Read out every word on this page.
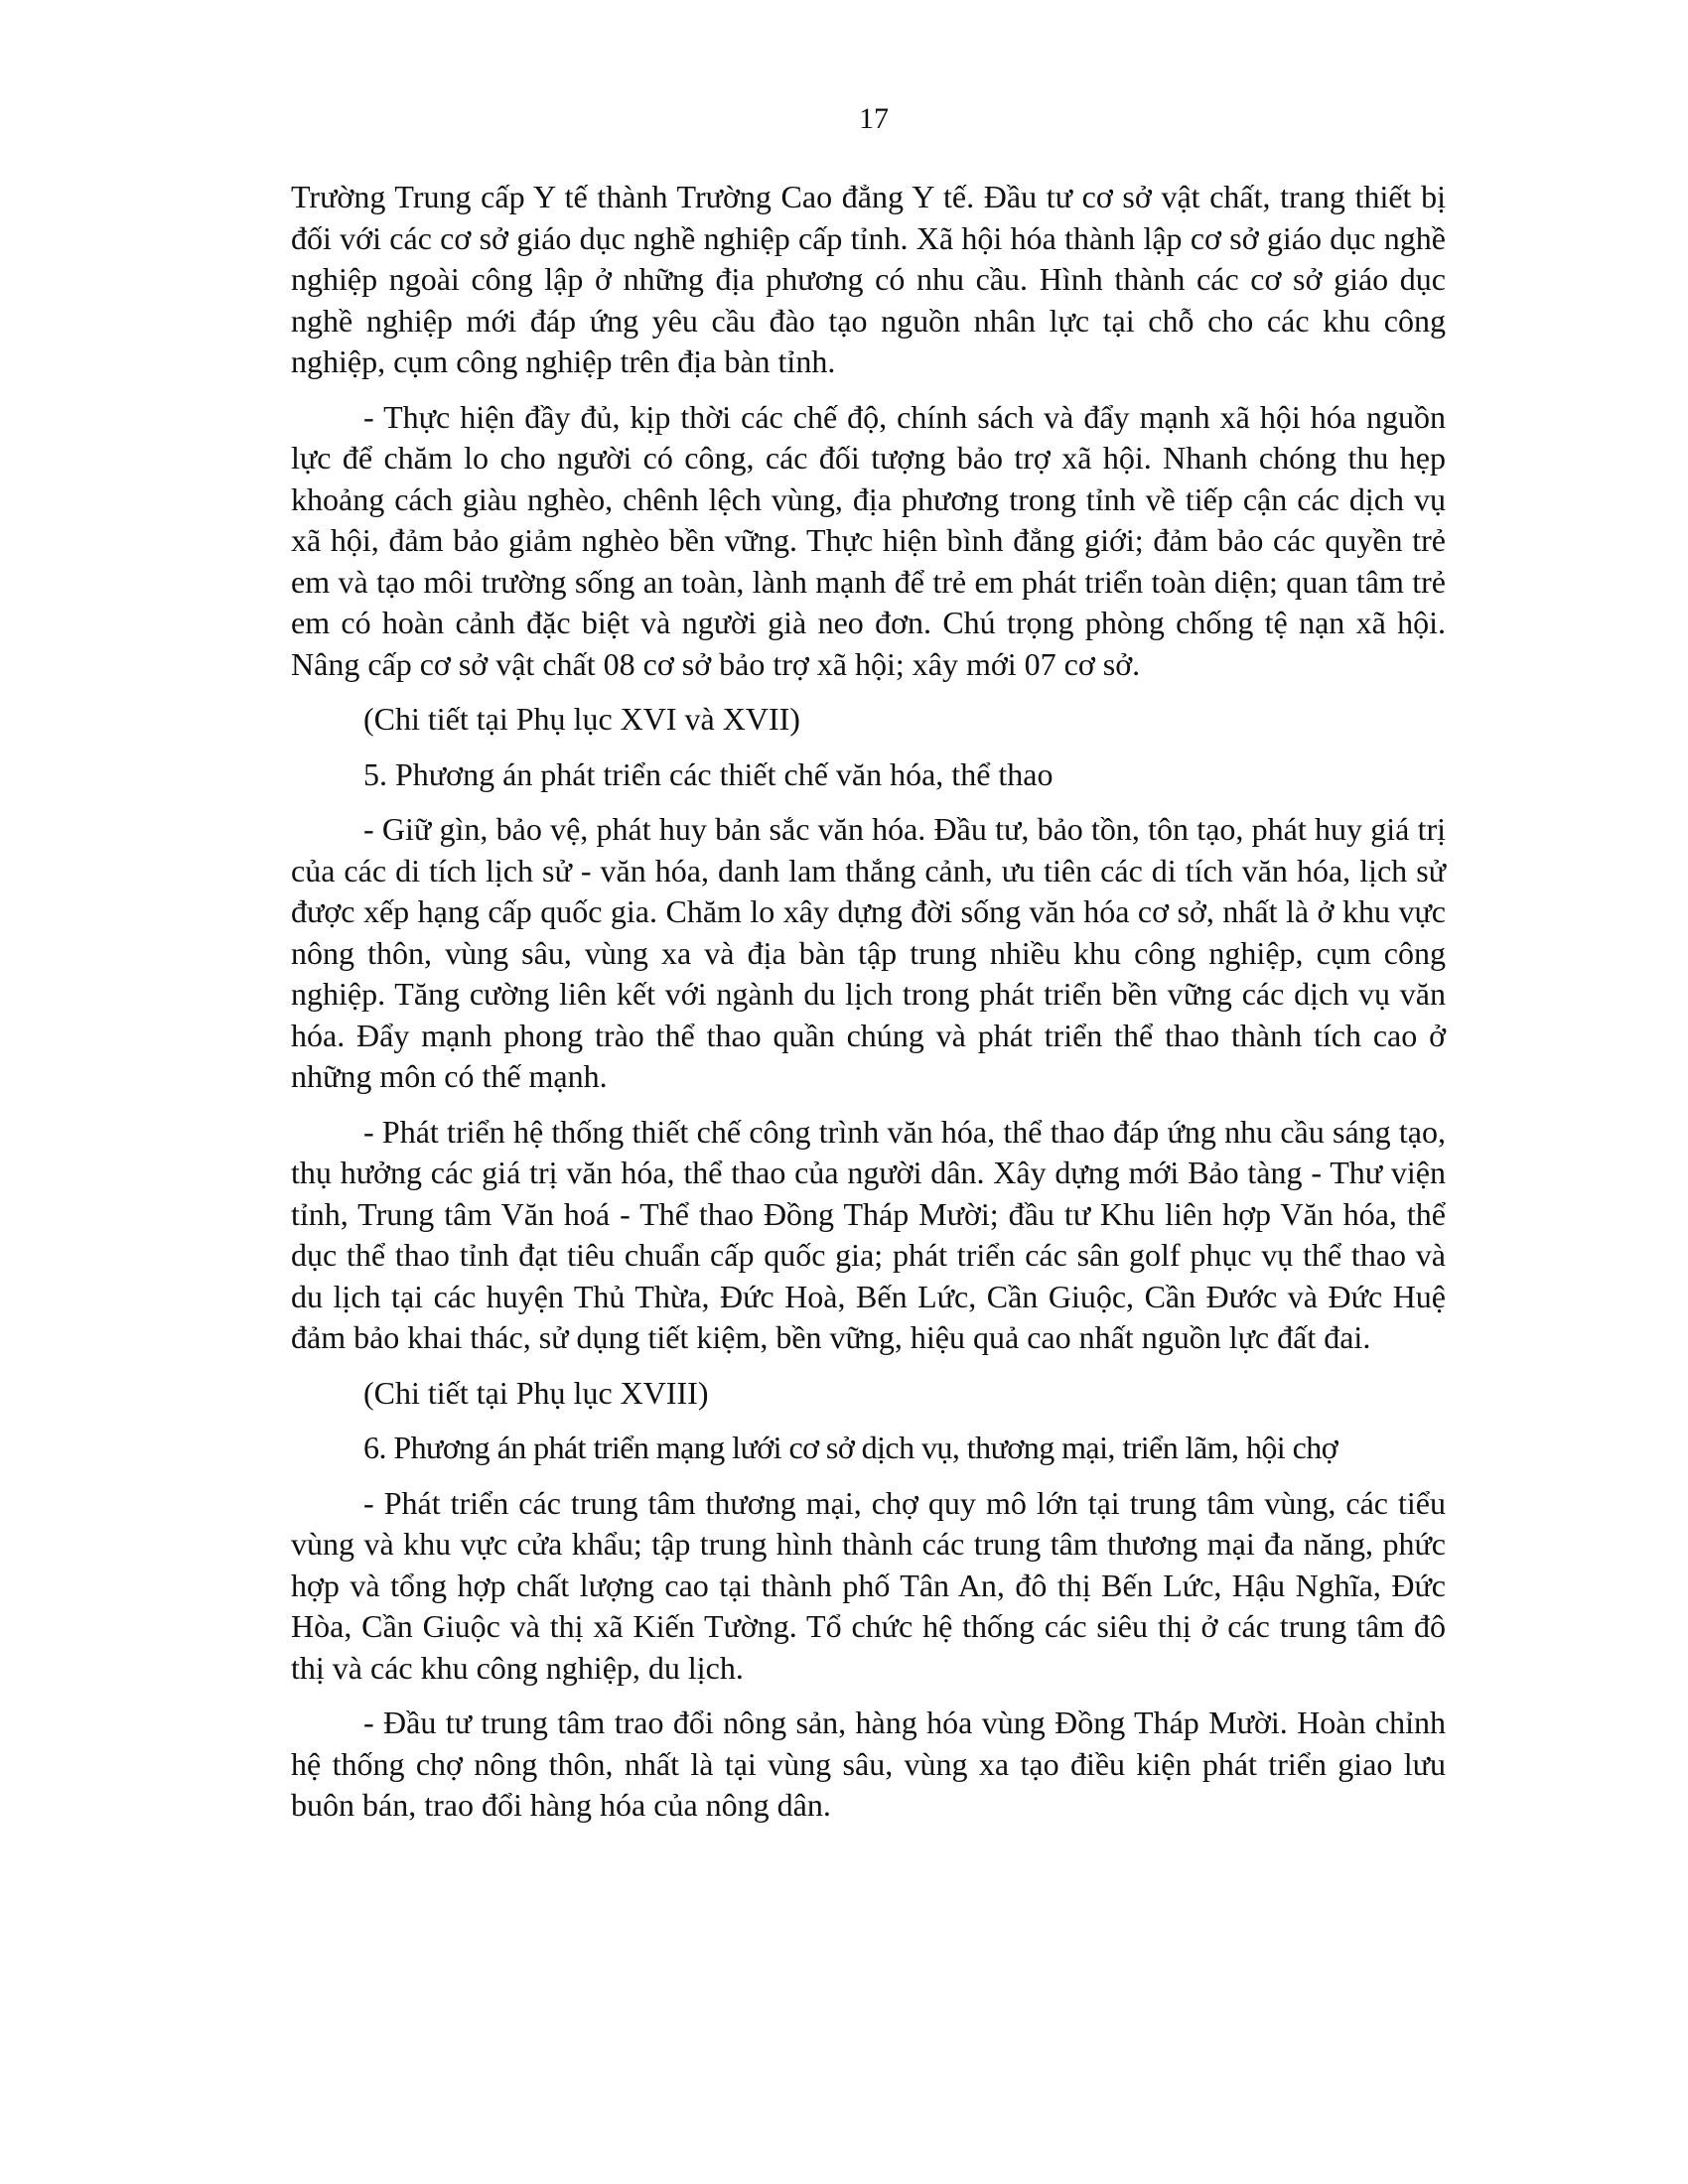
17

Trường Trung cấp Y tế thành Trường Cao đẳng Y tế. Đầu tư cơ sở vật chất, trang thiết bị đối với các cơ sở giáo dục nghề nghiệp cấp tỉnh. Xã hội hóa thành lập cơ sở giáo dục nghề nghiệp ngoài công lập ở những địa phương có nhu cầu. Hình thành các cơ sở giáo dục nghề nghiệp mới đáp ứng yêu cầu đào tạo nguồn nhân lực tại chỗ cho các khu công nghiệp, cụm công nghiệp trên địa bàn tỉnh.

- Thực hiện đầy đủ, kịp thời các chế độ, chính sách và đẩy mạnh xã hội hóa nguồn lực để chăm lo cho người có công, các đối tượng bảo trợ xã hội. Nhanh chóng thu hẹp khoảng cách giàu nghèo, chênh lệch vùng, địa phương trong tỉnh về tiếp cận các dịch vụ xã hội, đảm bảo giảm nghèo bền vững. Thực hiện bình đẳng giới; đảm bảo các quyền trẻ em và tạo môi trường sống an toàn, lành mạnh để trẻ em phát triển toàn diện; quan tâm trẻ em có hoàn cảnh đặc biệt và người già neo đơn. Chú trọng phòng chống tệ nạn xã hội. Nâng cấp cơ sở vật chất 08 cơ sở bảo trợ xã hội; xây mới 07 cơ sở.

(Chi tiết tại Phụ lục XVI và XVII)

5. Phương án phát triển các thiết chế văn hóa, thể thao

- Giữ gìn, bảo vệ, phát huy bản sắc văn hóa. Đầu tư, bảo tồn, tôn tạo, phát huy giá trị của các di tích lịch sử - văn hóa, danh lam thắng cảnh, ưu tiên các di tích văn hóa, lịch sử được xếp hạng cấp quốc gia. Chăm lo xây dựng đời sống văn hóa cơ sở, nhất là ở khu vực nông thôn, vùng sâu, vùng xa và địa bàn tập trung nhiều khu công nghiệp, cụm công nghiệp. Tăng cường liên kết với ngành du lịch trong phát triển bền vững các dịch vụ văn hóa. Đẩy mạnh phong trào thể thao quần chúng và phát triển thể thao thành tích cao ở những môn có thế mạnh.

- Phát triển hệ thống thiết chế công trình văn hóa, thể thao đáp ứng nhu cầu sáng tạo, thụ hưởng các giá trị văn hóa, thể thao của người dân. Xây dựng mới Bảo tàng - Thư viện tỉnh, Trung tâm Văn hoá - Thể thao Đồng Tháp Mười; đầu tư Khu liên hợp Văn hóa, thể dục thể thao tỉnh đạt tiêu chuẩn cấp quốc gia; phát triển các sân golf phục vụ thể thao và du lịch tại các huyện Thủ Thừa, Đức Hoà, Bến Lức, Cần Giuộc, Cần Đước và Đức Huệ đảm bảo khai thác, sử dụng tiết kiệm, bền vững, hiệu quả cao nhất nguồn lực đất đai.

(Chi tiết tại Phụ lục XVIII)

6. Phương án phát triển mạng lưới cơ sở dịch vụ, thương mại, triển lãm, hội chợ

- Phát triển các trung tâm thương mại, chợ quy mô lớn tại trung tâm vùng, các tiểu vùng và khu vực cửa khẩu; tập trung hình thành các trung tâm thương mại đa năng, phức hợp và tổng hợp chất lượng cao tại thành phố Tân An, đô thị Bến Lức, Hậu Nghĩa, Đức Hòa, Cần Giuộc và thị xã Kiến Tường. Tổ chức hệ thống các siêu thị ở các trung tâm đô thị và các khu công nghiệp, du lịch.

- Đầu tư trung tâm trao đổi nông sản, hàng hóa vùng Đồng Tháp Mười. Hoàn chỉnh hệ thống chợ nông thôn, nhất là tại vùng sâu, vùng xa tạo điều kiện phát triển giao lưu buôn bán, trao đổi hàng hóa của nông dân.
